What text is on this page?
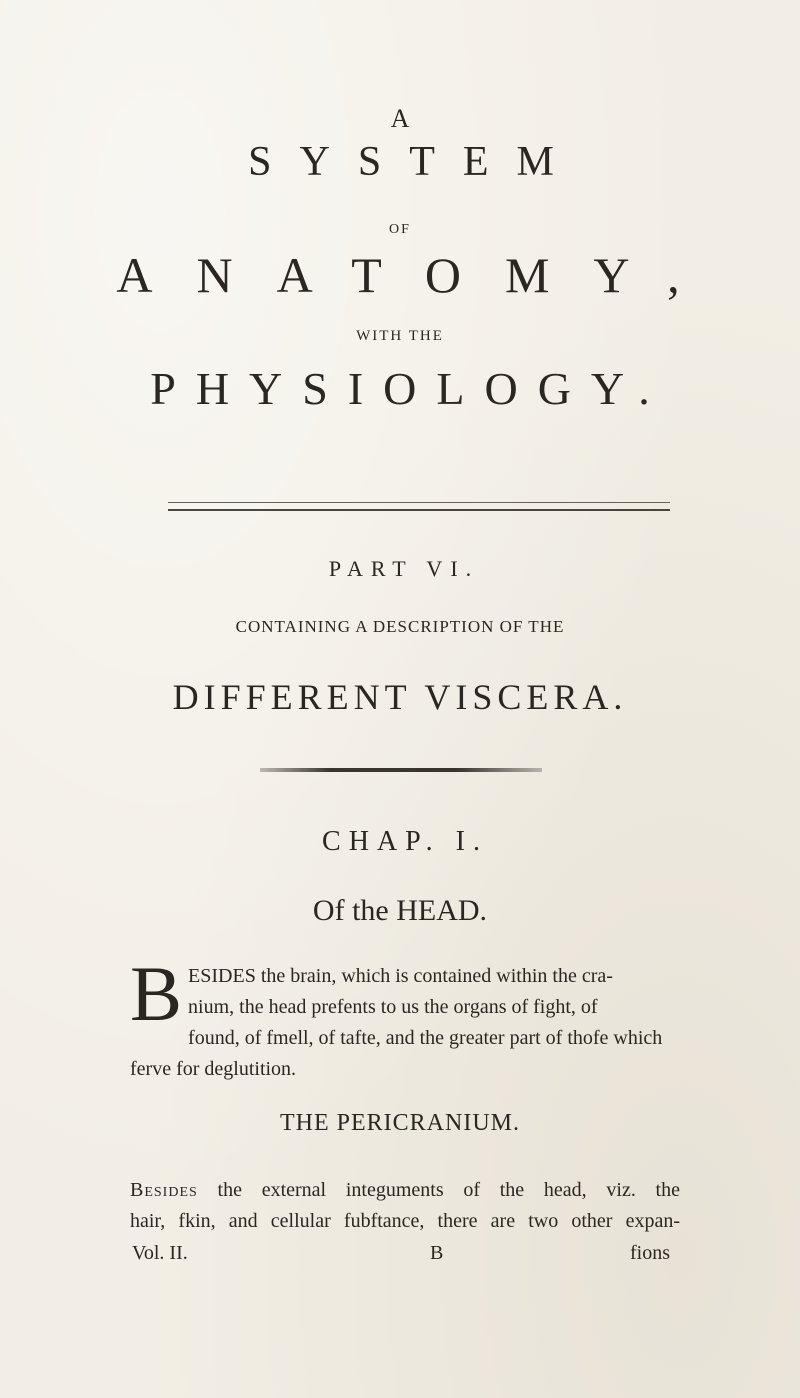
A
SYSTEM
OF
ANATOMY,
WITH THE
PHYSIOLOGY.
PART VI.
CONTAINING A DESCRIPTION OF THE
DIFFERENT VISCERA.
CHAP. I.
Of the HEAD.
B ESIDES the brain, which is contained within the cra-
nium, the head prefents to us the organs of fight, of
found, of fmell, of tafte, and the greater part of thofe which
ferve for deglutition.
THE PERICRANIUM.
Besides the external integuments of the head, viz. the
hair, fkin, and cellular fubftance, there are two other expan-
Vol. II.	B	fions
